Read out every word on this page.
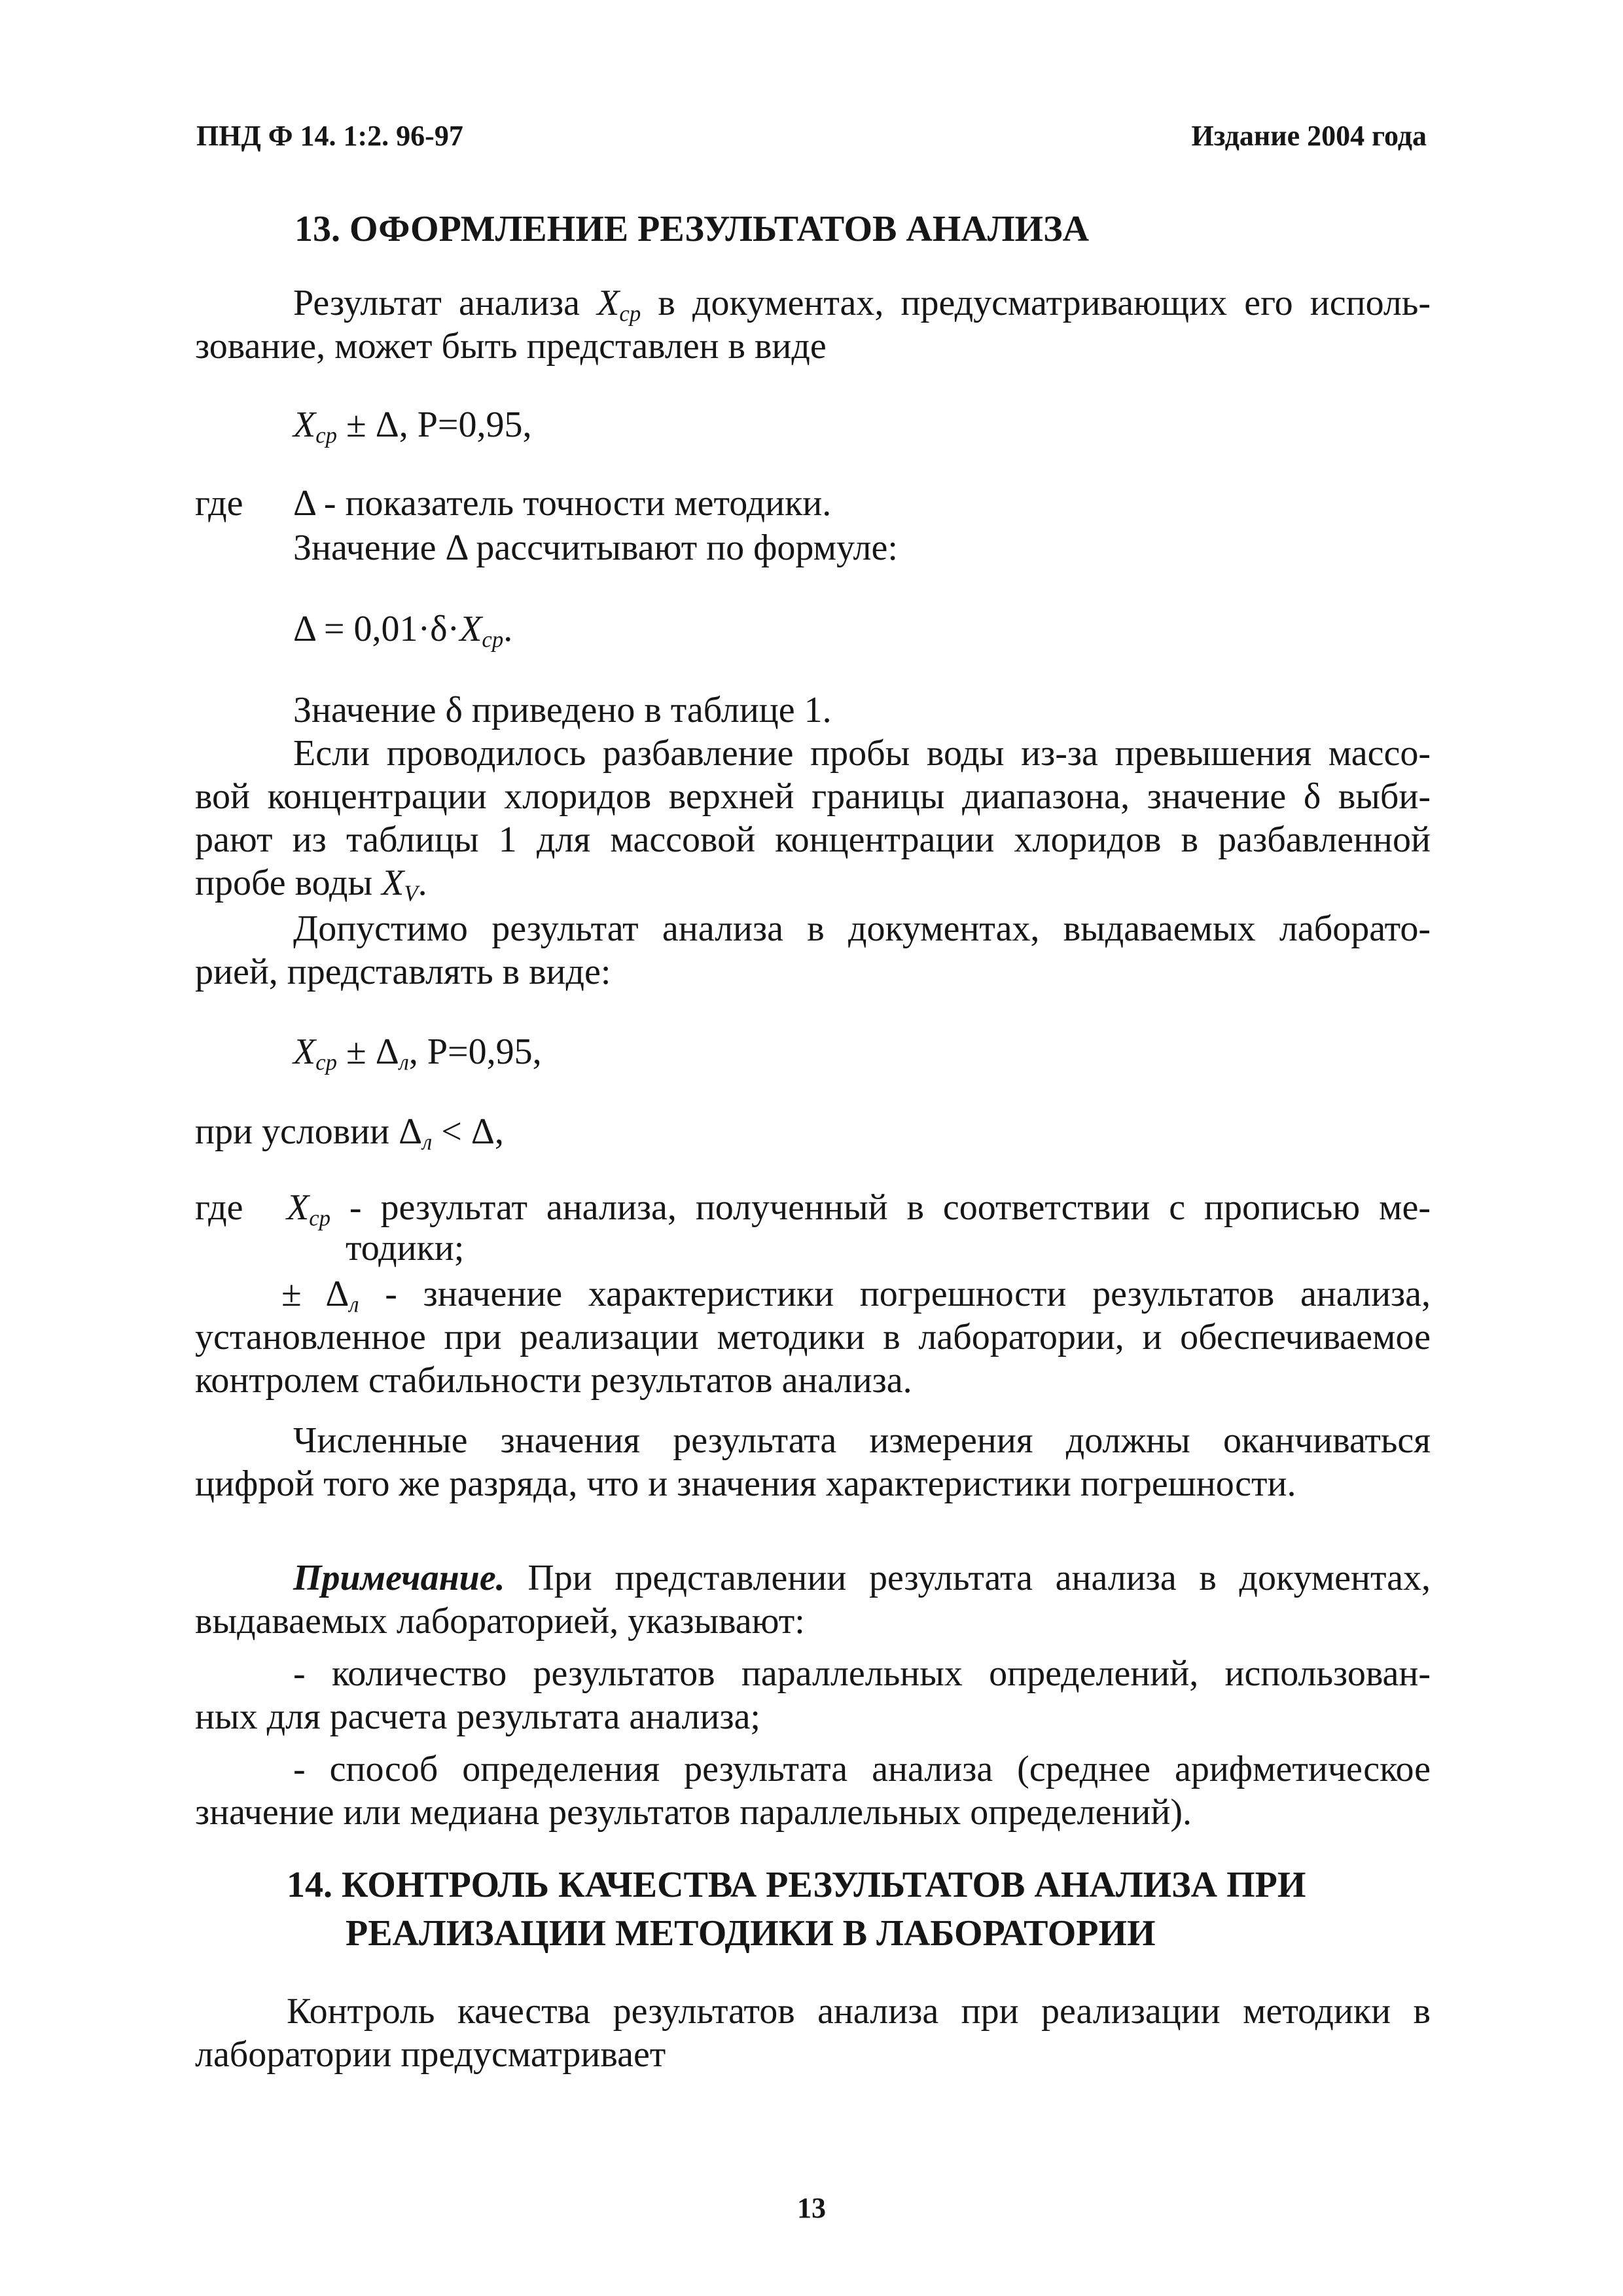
ПНД Ф 14. 1:2. 96-97	Издание 2004 года
13. ОФОРМЛЕНИЕ РЕЗУЛЬТАТОВ АНАЛИЗА
Результат анализа $X_{ср}$ в документах, предусматривающих его исполь-
зование, может быть представлен в виде
$X_{ср} \pm \Delta$, P=0,95,
где Δ - показатель точности методики.
Значение Δ рассчитывают по формуле:
$\Delta = 0,01\cdot\delta\cdot X_{ср}$.
Значение δ приведено в таблице 1.
Если проводилось разбавление пробы воды из-за превышения массо-
вой концентрации хлоридов верхней границы диапазона, значение δ выби-
рают из таблицы 1 для массовой концентрации хлоридов в разбавленной
пробе воды $X_V$.
Допустимо результат анализа в документах, выдаваемых лаборато-
рией, представлять в виде:
$X_{ср} \pm \Delta_л$, P=0,95,
при условии $\Delta_л < \Delta$,
где $X_{ср}$ - результат анализа, полученный в соответствии с прописью ме-
тодики;
± $\Delta_л$ - значение характеристики погрешности результатов анализа,
установленное при реализации методики в лаборатории, и обеспечиваемое
контролем стабильности результатов анализа.
Численные значения результата измерения должны оканчиваться
цифрой того же разряда, что и значения характеристики погрешности.
Примечание. При представлении результата анализа в документах,
выдаваемых лабораторией, указывают:
- количество результатов параллельных определений, использован-
ных для расчета результата анализа;
- способ определения результата анализа (среднее арифметическое
значение или медиана результатов параллельных определений).
14. КОНТРОЛЬ КАЧЕСТВА РЕЗУЛЬТАТОВ АНАЛИЗА ПРИ
РЕАЛИЗАЦИИ МЕТОДИКИ В ЛАБОРАТОРИИ
Контроль качества результатов анализа при реализации методики в
лаборатории предусматривает
13
